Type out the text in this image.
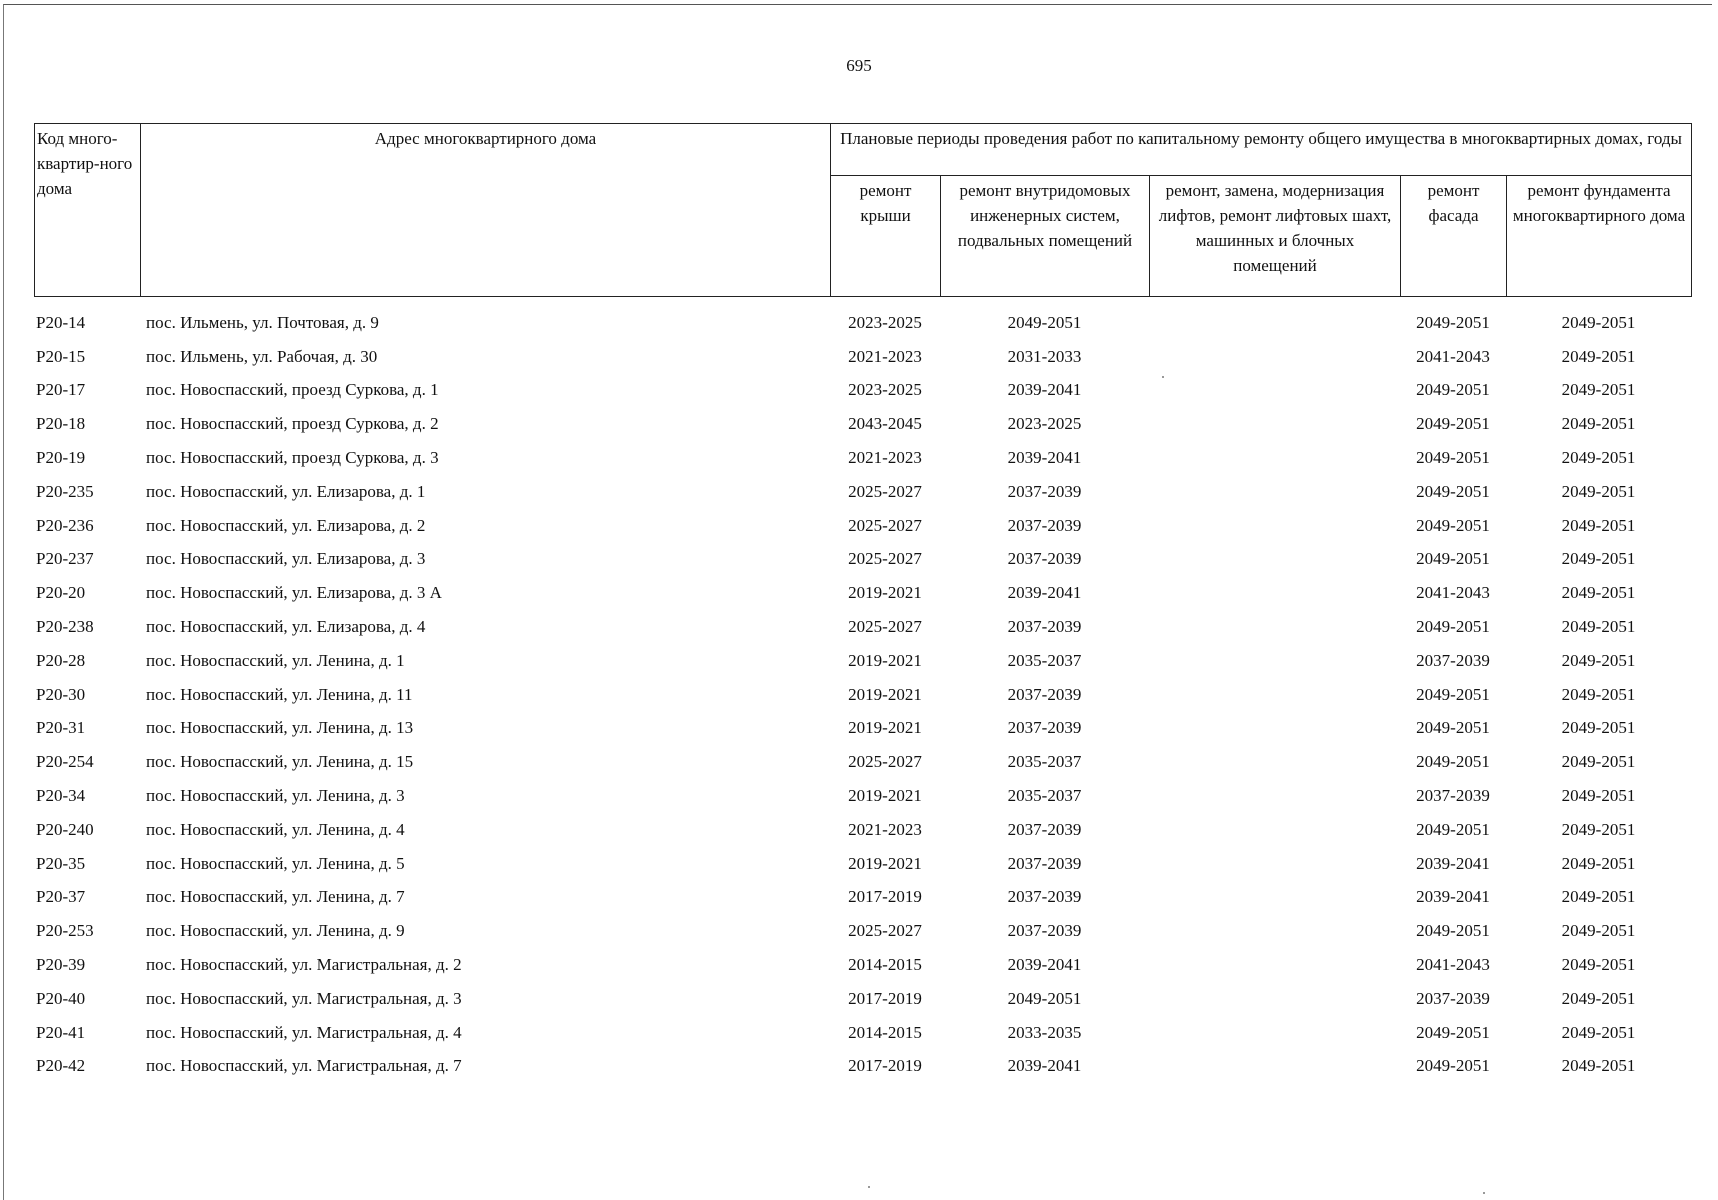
695
Код много-квартир-ного дома	Адрес многоквартирного дома	Плановые периоды проведения работ по капитальному ремонту общего имущества в многоквартирных домах, годы				
		ремонт крыши	ремонт внутридомовых инженерных систем, подвальных помещений	ремонт, замена, модернизация лифтов, ремонт лифтовых шахт, машинных и блочных помещений	ремонт фасада	ремонт фундамента многоквартирного дома
Р20-14	пос. Ильмень, ул. Почтовая, д. 9	2023-2025	2049-2051		2049-2051	2049-2051
Р20-15	пос. Ильмень, ул. Рабочая, д. 30	2021-2023	2031-2033		2041-2043	2049-2051
Р20-17	пос. Новоспасский, проезд Суркова, д. 1	2023-2025	2039-2041		2049-2051	2049-2051
Р20-18	пос. Новоспасский, проезд Суркова, д. 2	2043-2045	2023-2025		2049-2051	2049-2051
Р20-19	пос. Новоспасский, проезд Суркова, д. 3	2021-2023	2039-2041		2049-2051	2049-2051
Р20-235	пос. Новоспасский, ул. Елизарова, д. 1	2025-2027	2037-2039		2049-2051	2049-2051
Р20-236	пос. Новоспасский, ул. Елизарова, д. 2	2025-2027	2037-2039		2049-2051	2049-2051
Р20-237	пос. Новоспасский, ул. Елизарова, д. 3	2025-2027	2037-2039		2049-2051	2049-2051
Р20-20	пос. Новоспасский, ул. Елизарова, д. 3 А	2019-2021	2039-2041		2041-2043	2049-2051
Р20-238	пос. Новоспасский, ул. Елизарова, д. 4	2025-2027	2037-2039		2049-2051	2049-2051
Р20-28	пос. Новоспасский, ул. Ленина, д. 1	2019-2021	2035-2037		2037-2039	2049-2051
Р20-30	пос. Новоспасский, ул. Ленина, д. 11	2019-2021	2037-2039		2049-2051	2049-2051
Р20-31	пос. Новоспасский, ул. Ленина, д. 13	2019-2021	2037-2039		2049-2051	2049-2051
Р20-254	пос. Новоспасский, ул. Ленина, д. 15	2025-2027	2035-2037		2049-2051	2049-2051
Р20-34	пос. Новоспасский, ул. Ленина, д. 3	2019-2021	2035-2037		2037-2039	2049-2051
Р20-240	пос. Новоспасский, ул. Ленина, д. 4	2021-2023	2037-2039		2049-2051	2049-2051
Р20-35	пос. Новоспасский, ул. Ленина, д. 5	2019-2021	2037-2039		2039-2041	2049-2051
Р20-37	пос. Новоспасский, ул. Ленина, д. 7	2017-2019	2037-2039		2039-2041	2049-2051
Р20-253	пос. Новоспасский, ул. Ленина, д. 9	2025-2027	2037-2039		2049-2051	2049-2051
Р20-39	пос. Новоспасский, ул. Магистральная, д. 2	2014-2015	2039-2041		2041-2043	2049-2051
Р20-40	пос. Новоспасский, ул. Магистральная, д. 3	2017-2019	2049-2051		2037-2039	2049-2051
Р20-41	пос. Новоспасский, ул. Магистральная, д. 4	2014-2015	2033-2035		2049-2051	2049-2051
Р20-42	пос. Новоспасский, ул. Магистральная, д. 7	2017-2019	2039-2041		2049-2051	2049-2051
